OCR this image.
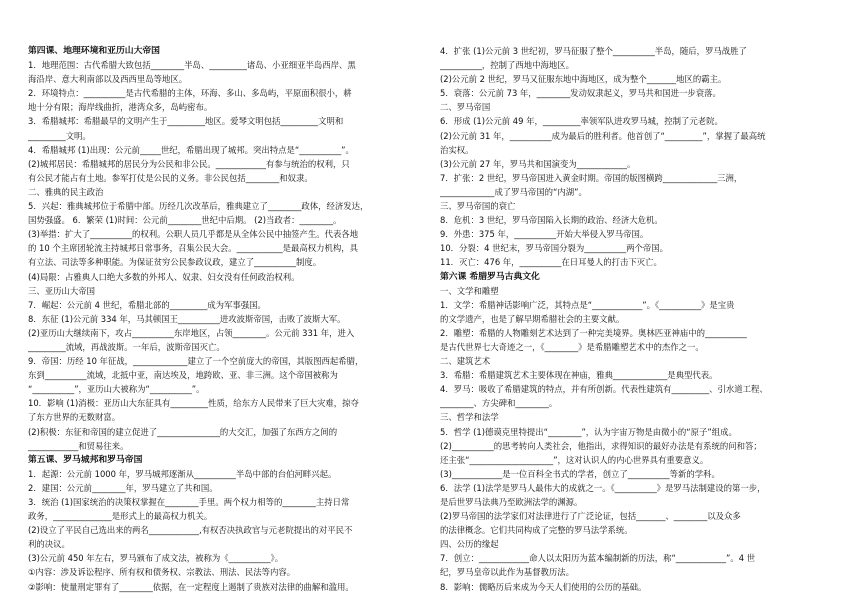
第四课、地理环境和亚历山大帝国
1．地理范围：古代希腊大致包括________半岛、_________诸岛、小亚细亚半岛西岸、黑
海沿岸、意大利南部以及西西里岛等地区。
2．环境特点：__________是古代希腊的主体，环海、多山、多岛屿，平原面积很小，耕
地十分有限；海岸线曲折，港湾众多，岛屿密布。
3．希腊城邦：希腊最早的文明产生于_________地区。爱琴文明包括_________文明和
_________文明。
4．希腊城邦 (1)出现：公元前_____世纪，希腊出现了城邦。突出特点是“__________”。
(2)城邦居民：希腊城邦的居民分为公民和非公民。____________有参与统治的权利，只
有公民才能占有土地。参军打仗是公民的义务。非公民包括________和奴隶。
二、雅典的民主政治
5．兴起：雅典城邦位于希腊中部。历经几次改革后，雅典建立了________政体，经济发达，
国势强盛。 6．繁荣 (1)时间：公元前________世纪中后期。 (2)当政者：________。
(3)举措：扩大了__________的权利。公职人员几乎都是从全体公民中抽签产生。代表各地
的 10 个主席团轮流主持城邦日常事务，召集公民大会。___________是最高权力机构，具
有立法、司法等多种职能。为保证贫穷公民参政议政，建立了__________制度。
(4)局限：占雅典人口绝大多数的外邦人、奴隶、妇女没有任何政治权利。
三、亚历山大帝国
7．崛起：公元前 4 世纪，希腊北部的_________成为军事强国。
8．东征 (1)公元前 334 年，马其顿国王__________进攻波斯帝国，击败了波斯大军。
(2)亚历山大继续南下，攻占__________东岸地区，占领________。公元前 331 年，进入
_________流域，再战波斯。一年后，波斯帝国灭亡。
9．帝国：历经 10 年征战，_____________建立了一个空前庞大的帝国，其版图西起希腊，
东到__________流域，北抵中亚，南达埃及，地跨欧、亚、非三洲。这个帝国被称为
“__________”，亚历山大被称为“__________”。
10．影响 (1)消极：亚历山大东征具有_________性质，给东方人民带来了巨大灾难，掠夺
了东方世界的无数财富。
(2)积极：东征和帝国的建立促进了_______________的大交汇，加强了东西方之间的
____________和贸易往来。
第五课、罗马城邦和罗马帝国
1．起源：公元前 1000 年，罗马城邦逐渐从__________半岛中部的台伯河畔兴起。
2．建国：公元前________年，罗马建立了共和国。
3．统治 (1)国家统治的决策权掌握在________手里。两个权力相等的________主持日常
政务，______________是形式上的最高权力机关。
(2)设立了平民自己选出来的两名____________,有权否决执政官与元老院提出的对平民不
利的决议。
(3)公元前 450 年左右，罗马颁布了成文法，被称为《__________》。
①内容：涉及诉讼程序、所有权和债务权、宗教法、刑法、民法等内容。
②影响：使量刑定罪有了________依据，在一定程度上遏制了贵族对法律的曲解和滥用。
4．扩张 (1)公元前 3 世纪初，罗马征服了整个__________半岛，随后，罗马战胜了
__________，控制了西地中海地区。
(2)公元前 2 世纪，罗马又征服东地中海地区，成为整个_______地区的霸主。
5．衰落：公元前 73 年，________发动奴隶起义，罗马共和国进一步衰落。
二、罗马帝国
6．形成 (1)公元前 49 年，_________率领军队进攻罗马城，控制了元老院。
(2)公元前 31 年，__________成为最后的胜利者。他首创了“_________”，掌握了最高统
治实权。
(3)公元前 27 年，罗马共和国演变为____________。
7．扩张：2 世纪，罗马帝国进入黄金时期。帝国的版图横跨_____________三洲，
_____________成了罗马帝国的“内湖”。
三、罗马帝国的衰亡
8．危机：3 世纪，罗马帝国陷入长期的政治、经济大危机。
9．外患：375 年，__________开始大举侵入罗马帝国。
10．分裂：4 世纪末，罗马帝国分裂为__________两个帝国。
11．灭亡：476 年，__________在日耳曼人的打击下灭亡。
第六课 希腊罗马古典文化
一、文学和雕塑
1．文学：希腊神话影响广泛，其特点是“____________”。《__________》是宝贵
的文学遗产，也是了解早期希腊社会的主要文献。
2．雕塑：希腊的人物雕刻艺术达到了一种完美境界。奥林匹亚神庙中的__________
是古代世界七大奇迹之一，《________》是希腊雕塑艺术中的杰作之一。
二、建筑艺术
3．希腊：希腊建筑艺术主要体现在神庙，雅典_____________是典型代表。
4．罗马：吸收了希腊建筑的特点，并有所创新。代表性建筑有_________、引水道工程、
________、方尖碑和________。
三、哲学和法学
5．哲学 (1)德谟克里特提出“________”，认为宇宙万物是由微小的“原子”组成。
(2)__________的思考转向人类社会，他指出，求得知识的最好办法是有系统的问和答；
还主张“____________________”，这对认识人的内心世界具有重要意义。
(3)____________是一位百科全书式的学者，创立了__________等新的学科。
6．法学 (1)法学是罗马人最伟大的成就之一。《__________》是罗马法制建设的第一步，
是后世罗马法典乃至欧洲法学的渊源。
(2)罗马帝国的法学家们对法律进行了广泛论证，包括_______、________以及众多
的法律概念。它们共同构成了完整的罗马法学系统。
四、公历的缘起
7．创立：____________命人以太阳历为蓝本编制新的历法，称“____________”。4 世
纪，罗马皇帝以此作为基督教历法。
8．影响：儒略历后来成为今天人们使用的公历的基础。
